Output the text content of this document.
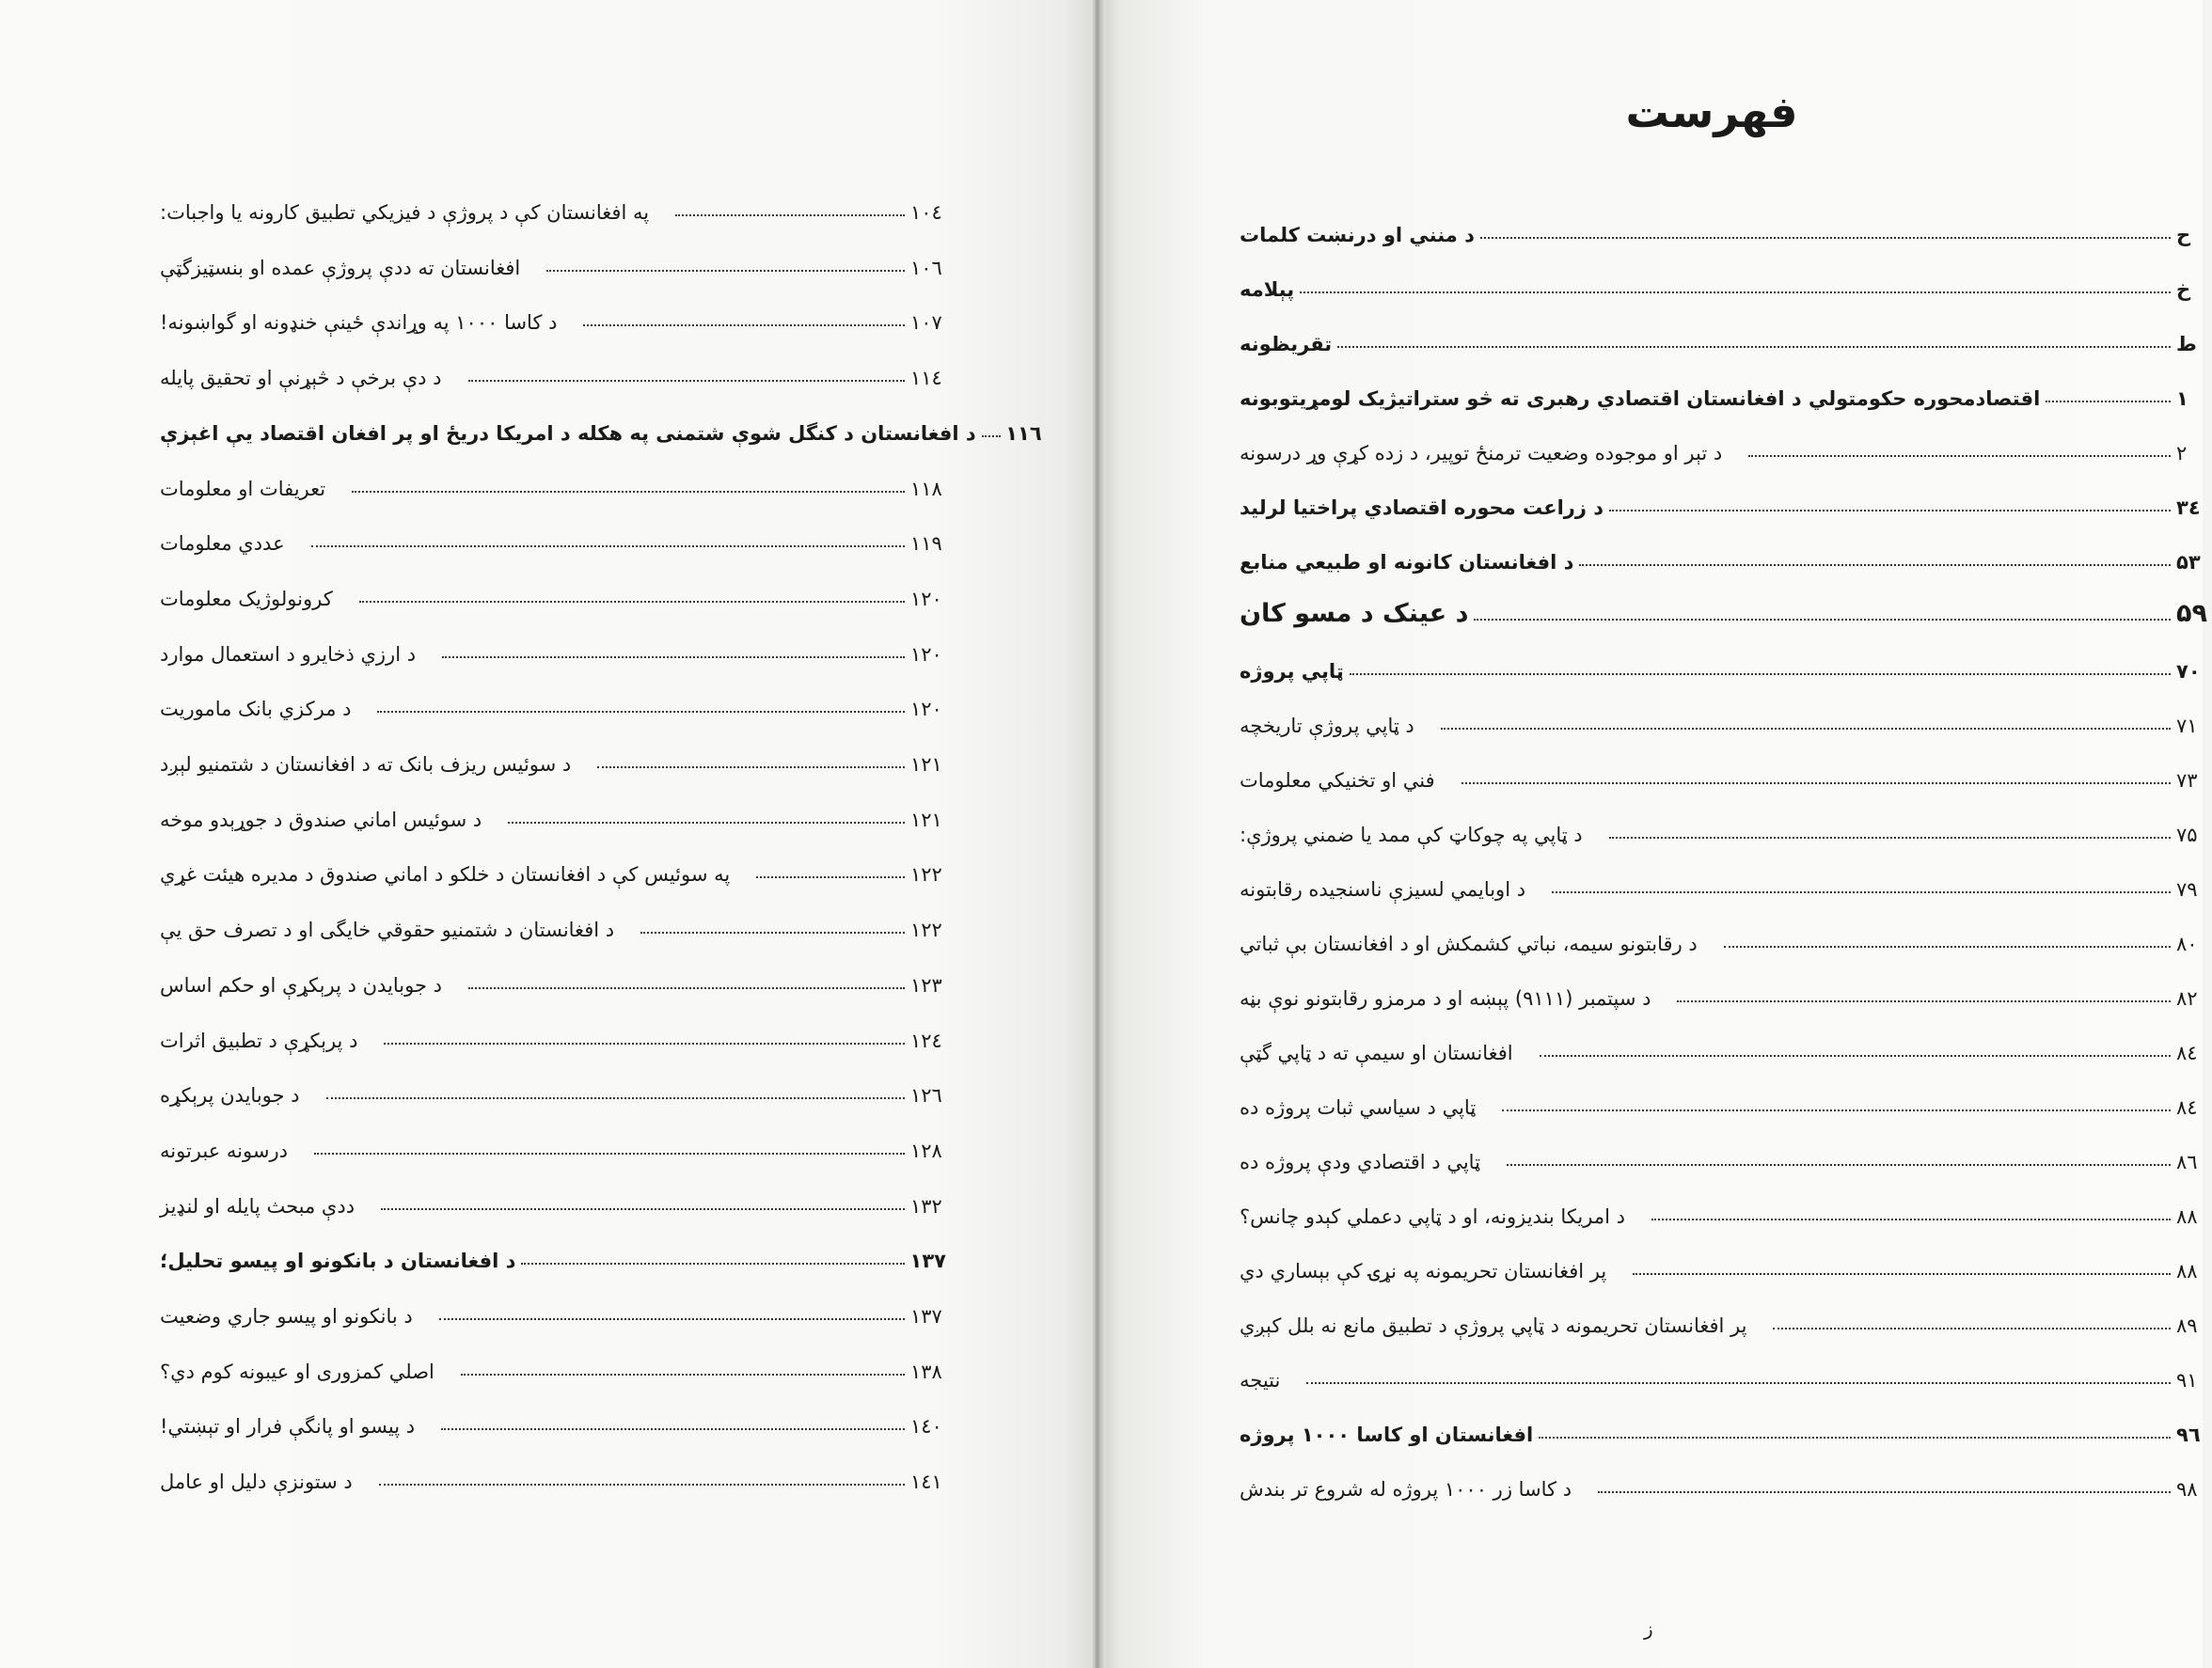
په افغانستان کې د پروژې د فيزيکي تطبيق کارونه يا واجبات:	۱۰٤
افغانستان ته ددې پروژې عمده او بنسټيزگټې	۱۰٦
د کاسا ۱۰۰۰ په وړاندې ځينې خنډونه او گواښونه!	۱۰۷
د دې برخې د څېړنې او تحقيق پايله	۱۱٤
د افغانستان د کنگل شوې شتمنی په هکله د امريکا دريځ او پر افغان اقتصاد يې اغېزې ۱۱٦
تعريفات او معلومات	۱۱۸
عددي معلومات	۱۱۹
کرونولوژيک معلومات	۱۲۰
د ارزي ذخايرو د استعمال موارد	۱۲۰
د مرکزي بانک ماموريت	۱۲۰
د سوئيس ريزف بانک ته د افغانستان د شتمنيو لېږد	۱۲۱
د سوئيس اماني صندوق د جوړېدو موخه	۱۲۱
په سوئيس کې د افغانستان د خلکو د اماني صندوق د مديره هيئت غړي	۱۲۲
د افغانستان د شتمنيو حقوقي خايگی او د تصرف حق يې	۱۲۲
د جوبايدن د پرېکړې او حکم اساس	۱۲۳
د پرېکړې د تطبيق اثرات	۱۲٤
د جوبايدن پرېکړه	۱۲٦
درسونه عبرتونه	۱۲۸
ددې مبحث پايله او لنډيز	۱۳۲
د افغانستان د بانکونو او پيسو تحليل؛	۱۳۷
د بانکونو او پيسو جاري وضعيت	۱۳۷
اصلي کمزوری او عيبونه کوم دي؟	۱۳۸
د پيسو او پانگې فرار او تېښتي!	۱٤۰
د ستونزې دليل او عامل	۱٤۱
د منني او درنښت کلمات	ح
پېلامه	خ
تقريظونه	ط
اقتصادمحوره حکومتولي د افغانستان اقتصادي رهبری ته څو ستراتيژيک لومړيتوبونه	۱
د تېر او موجوده وضعيت ترمنځ توپير، د زده کړې وړ درسونه	۲
د زراعت محوره اقتصادي پراختيا لرليد	۳٤
د افغانستان کانونه او طبيعي منابع	۵۳
د عينک د مسو کان	۵۹
ټاپي پروژه	۷۰
د ټاپي پروژې تاريخچه	۷۱
فني او تخنيکي معلومات	۷۳
د ټاپي په چوکاټ کې ممد يا ضمني پروژې:	۷۵
د اوبايمي لسيزې ناسنجيده رقابتونه	۷۹
د رقابتونو سيمه، نباتي کشمکش او د افغانستان بې ثباتي	۸۰
د سپتمبر (۹۱۱۱) پېښه او د مرمزو رقابتونو نوې بڼه	۸۲
افغانستان او سيمې ته د ټاپي گټې	۸٤
ټاپي د سياسي ثبات پروژه ده	۸٤
ټاپي د اقتصادي ودې پروژه ده	۸٦
د امريکا بنديزونه، او د ټاپي دعملي کېدو چانس؟	۸۸
پر افغانستان تحريمونه په نړۍ کې بېساري دي	۸۸
پر افغانستان تحريمونه د ټاپي پروژې د تطبيق مانع نه بلل کېږي	۸۹
نتيجه	۹۱
افغانستان او کاسا ۱۰۰۰ پروژه	۹٦
د کاسا زر ۱۰۰۰ پروژه له شروع تر بندش	۹۸
فهرست
ز
